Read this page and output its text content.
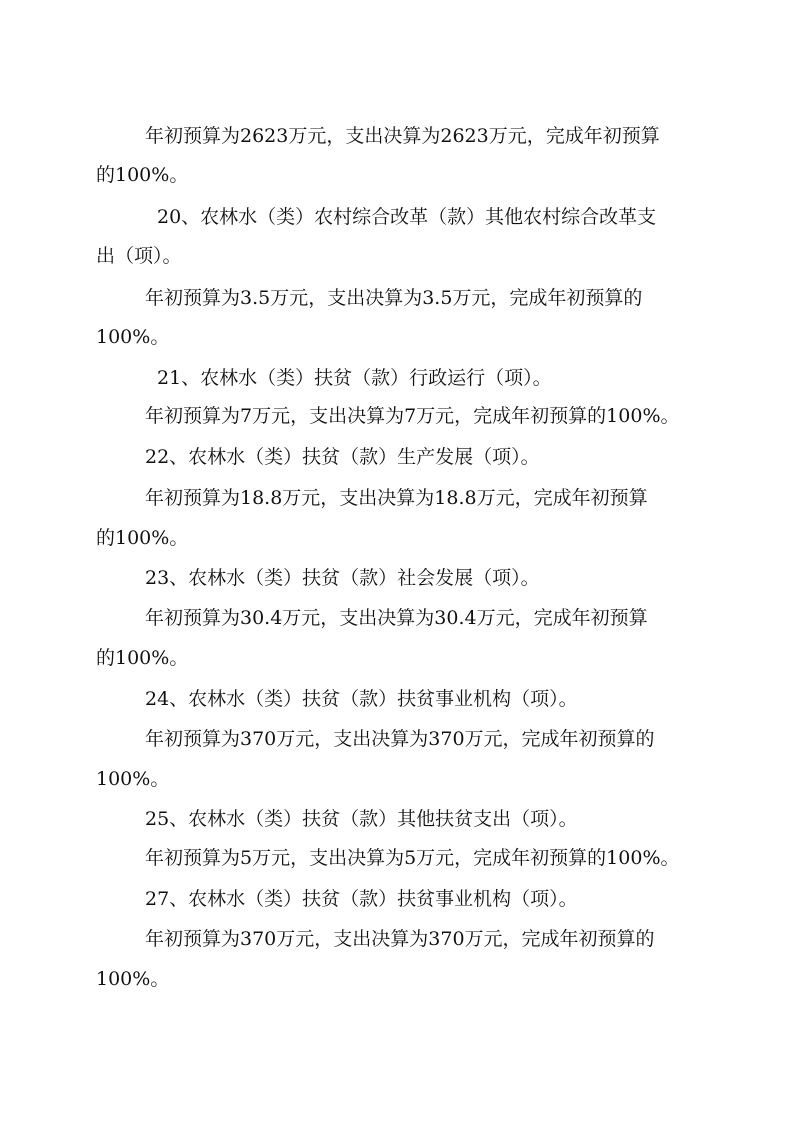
年初预算为2623万元，支出决算为2623万元，完成年初预算
的100%。
20、农林水（类）农村综合改革（款）其他农村综合改革支
出（项）。
年初预算为3.5万元，支出决算为3.5万元，完成年初预算的
100%。
21、农林水（类）扶贫（款）行政运行（项）。
年初预算为7万元，支出决算为7万元，完成年初预算的100%。
22、农林水（类）扶贫（款）生产发展（项）。
年初预算为18.8万元，支出决算为18.8万元，完成年初预算
的100%。
23、农林水（类）扶贫（款）社会发展（项）。
年初预算为30.4万元，支出决算为30.4万元，完成年初预算
的100%。
24、农林水（类）扶贫（款）扶贫事业机构（项）。
年初预算为370万元，支出决算为370万元，完成年初预算的
100%。
25、农林水（类）扶贫（款）其他扶贫支出（项）。
年初预算为5万元，支出决算为5万元，完成年初预算的100%。
27、农林水（类）扶贫（款）扶贫事业机构（项）。
年初预算为370万元，支出决算为370万元，完成年初预算的
100%。
